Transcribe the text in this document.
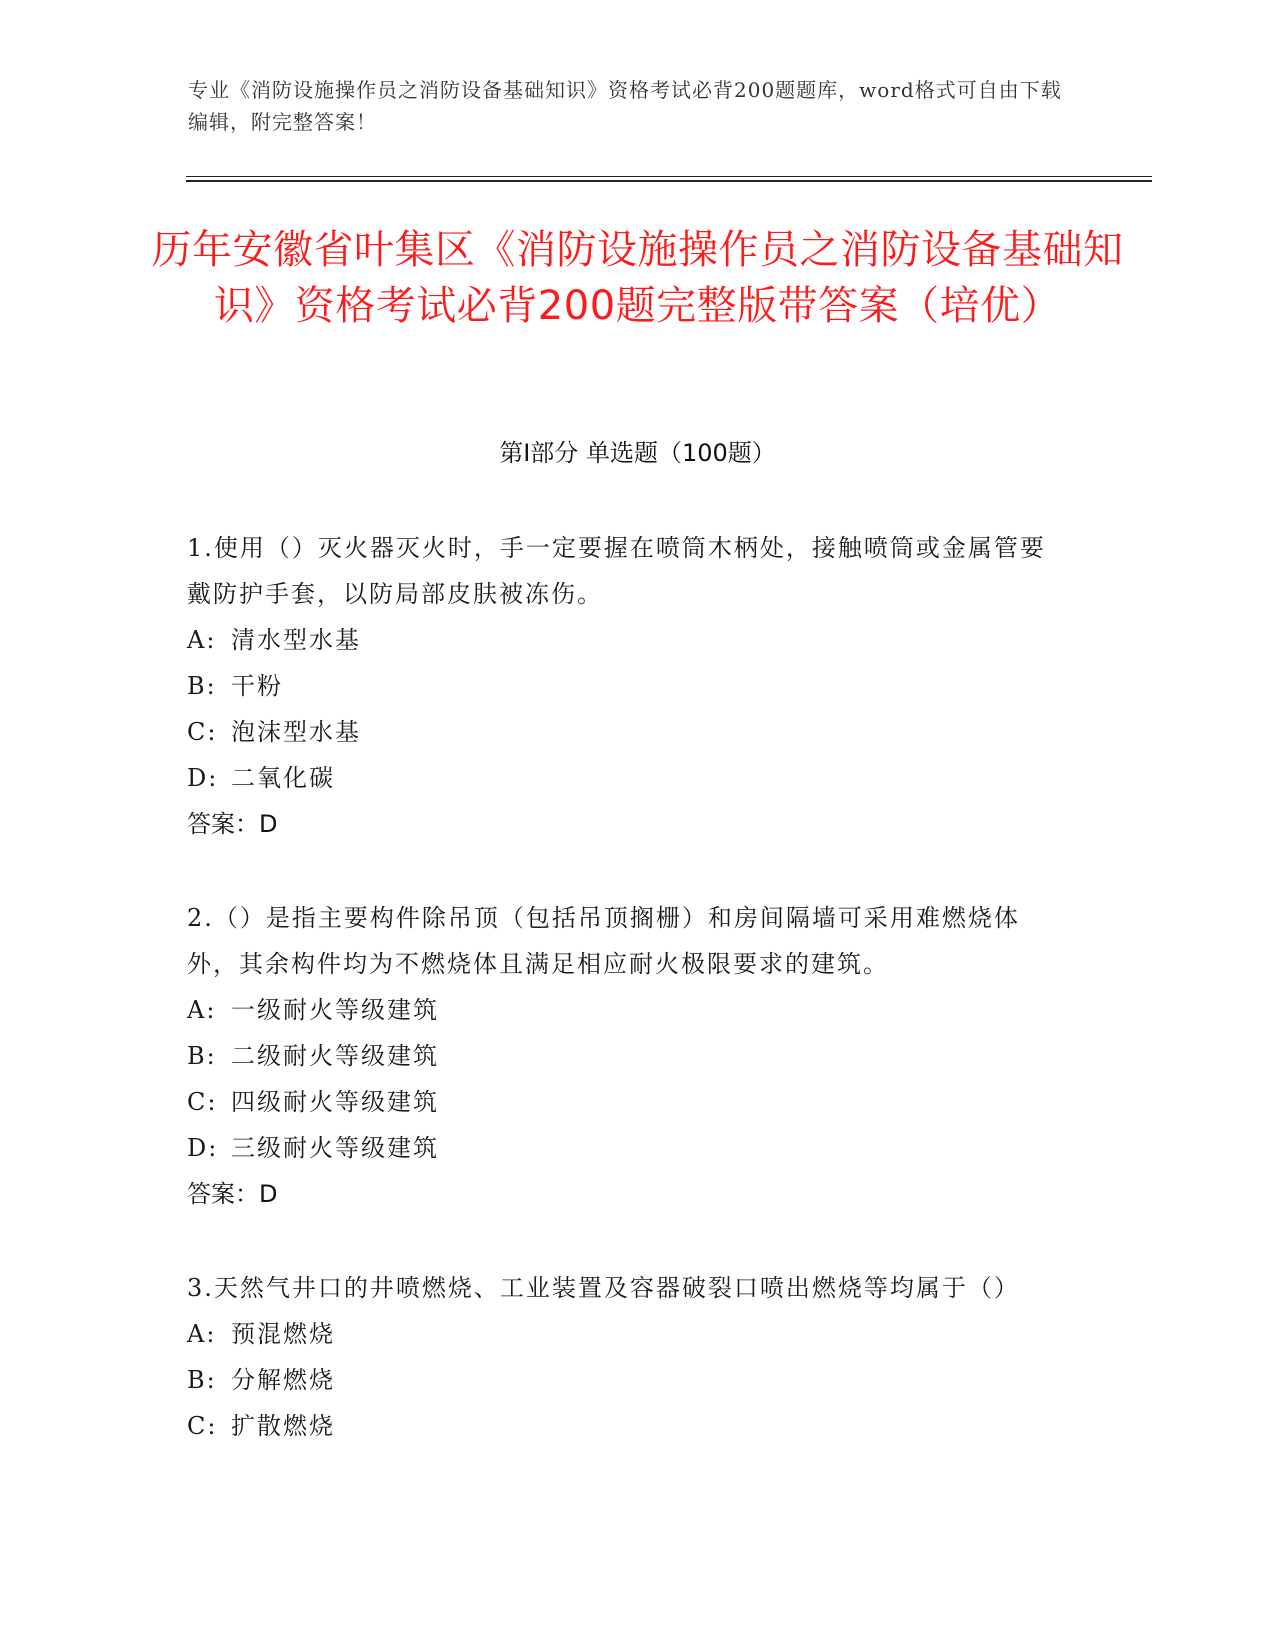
专业《消防设施操作员之消防设备基础知识》资格考试必背200题题库，word格式可自由下载编辑，附完整答案！
历年安徽省叶集区《消防设施操作员之消防设备基础知识》资格考试必背200题完整版带答案（培优）
第Ⅰ部分 单选题（100题）

1.使用（）灭火器灭火时，手一定要握在喷筒木柄处，接触喷筒或金属管要戴防护手套，以防局部皮肤被冻伤。

A: 清水型水基

B: 干粉

C: 泡沫型水基

D: 二氧化碳

答案：D

2.（）是指主要构件除吊顶（包括吊顶搁栅）和房间隔墙可采用难燃烧体外，其余构件均为不燃烧体且满足相应耐火极限要求的建筑。

A: 一级耐火等级建筑

B: 二级耐火等级建筑

C: 四级耐火等级建筑

D: 三级耐火等级建筑

答案：D

3.天然气井口的井喷燃烧、工业装置及容器破裂口喷出燃烧等均属于（）

A: 预混燃烧

B: 分解燃烧

C: 扩散燃烧
